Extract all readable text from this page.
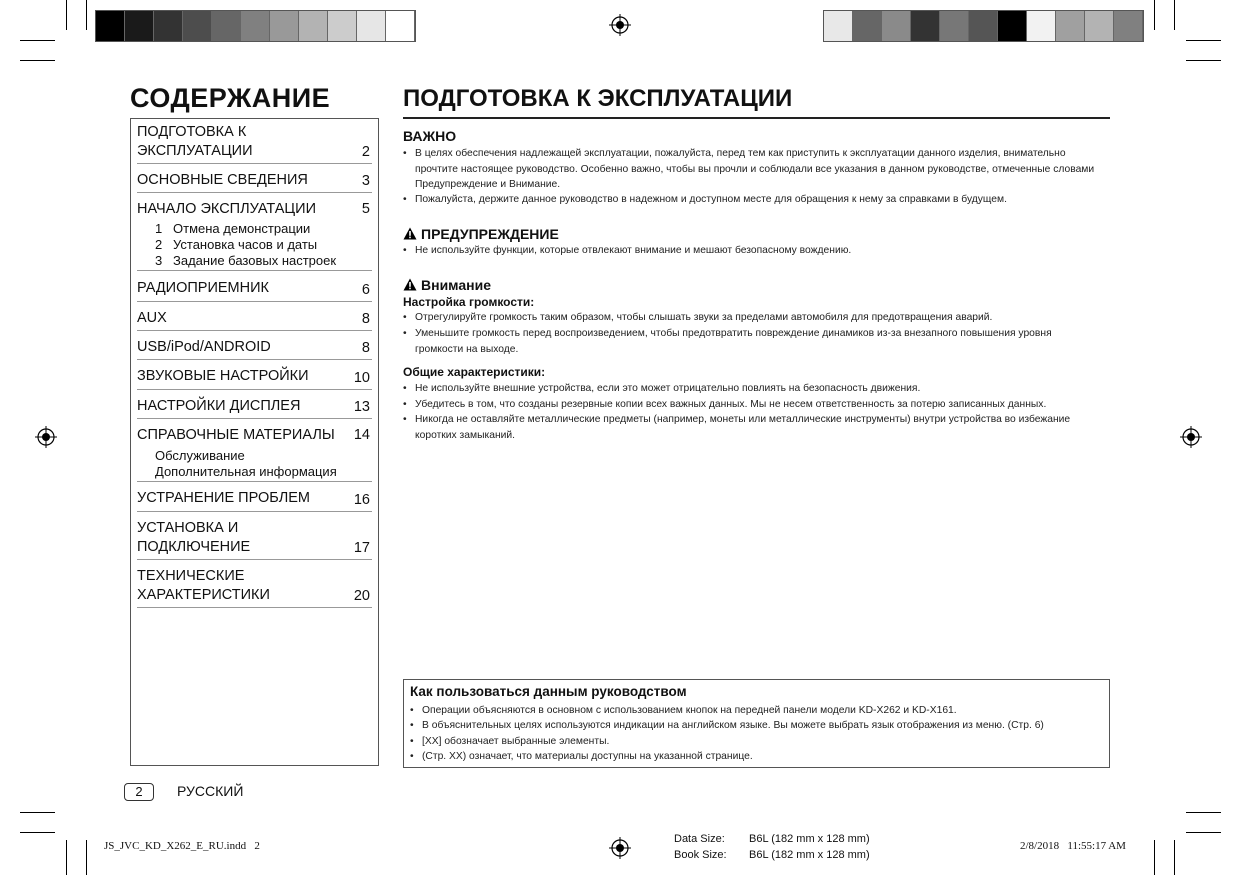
СОДЕРЖАНИЕ
ПОДГОТОВКА К
ЭКСПЛУАТАЦИИ	2
ОСНОВНЫЕ СВЕДЕНИЯ	3
НАЧАЛО ЭКСПЛУАТАЦИИ	5
1 Отмена демонстрации
2 Установка часов и даты
3 Задание базовых настроек
РАДИОПРИЕМНИК	6
AUX	8
USB/iPod/ANDROID	8
ЗВУКОВЫЕ НАСТРОЙКИ	10
НАСТРОЙКИ ДИСПЛЕЯ	13
СПРАВОЧНЫЕ МАТЕРИАЛЫ	14
Обслуживание
Дополнительная информация
УСТРАНЕНИЕ ПРОБЛЕМ	16
УСТАНОВКА И
ПОДКЛЮЧЕНИЕ	17
ТЕХНИЧЕСКИЕ
ХАРАКТЕРИСТИКИ	20
ПОДГОТОВКА К ЭКСПЛУАТАЦИИ
ВАЖНО
• В целях обеспечения надлежащей эксплуатации, пожалуйста, перед тем как приступить к эксплуатации данного изделия, внимательно прочтите настоящее руководство. Особенно важно, чтобы вы прочли и соблюдали все указания в данном руководстве, отмеченные словами Предупреждение и Внимание.
• Пожалуйста, держите данное руководство в надежном и доступном месте для обращения к нему за справками в будущем.
ПРЕДУПРЕЖДЕНИЕ
• Не используйте функции, которые отвлекают внимание и мешают безопасному вождению.
Внимание
Настройка громкости:
• Отрегулируйте громкость таким образом, чтобы слышать звуки за пределами автомобиля для предотвращения аварий.
• Уменьшите громкость перед воспроизведением, чтобы предотвратить повреждение динамиков из-за внезапного повышения уровня громкости на выходе.
Общие характеристики:
• Не используйте внешние устройства, если это может отрицательно повлиять на безопасность движения.
• Убедитесь в том, что созданы резервные копии всех важных данных. Мы не несем ответственность за потерю записанных данных.
• Никогда не оставляйте металлические предметы (например, монеты или металлические инструменты) внутри устройства во избежание коротких замыканий.
Как пользоваться данным руководством
• Операции объясняются в основном с использованием кнопок на передней панели модели KD-X262 и KD-X161.
• В объяснительных целях используются индикации на английском языке. Вы можете выбрать язык отображения из меню. (Стр. 6)
• [XX] обозначает выбранные элементы.
• (Стр. XX) означает, что материалы доступны на указанной странице.
2	РУССКИЙ
JS_JVC_KD_X262_E_RU.indd   2
Data Size: B6L (182 mm x 128 mm)
Book Size: B6L (182 mm x 128 mm)
2/8/2018   11:55:17 AM
